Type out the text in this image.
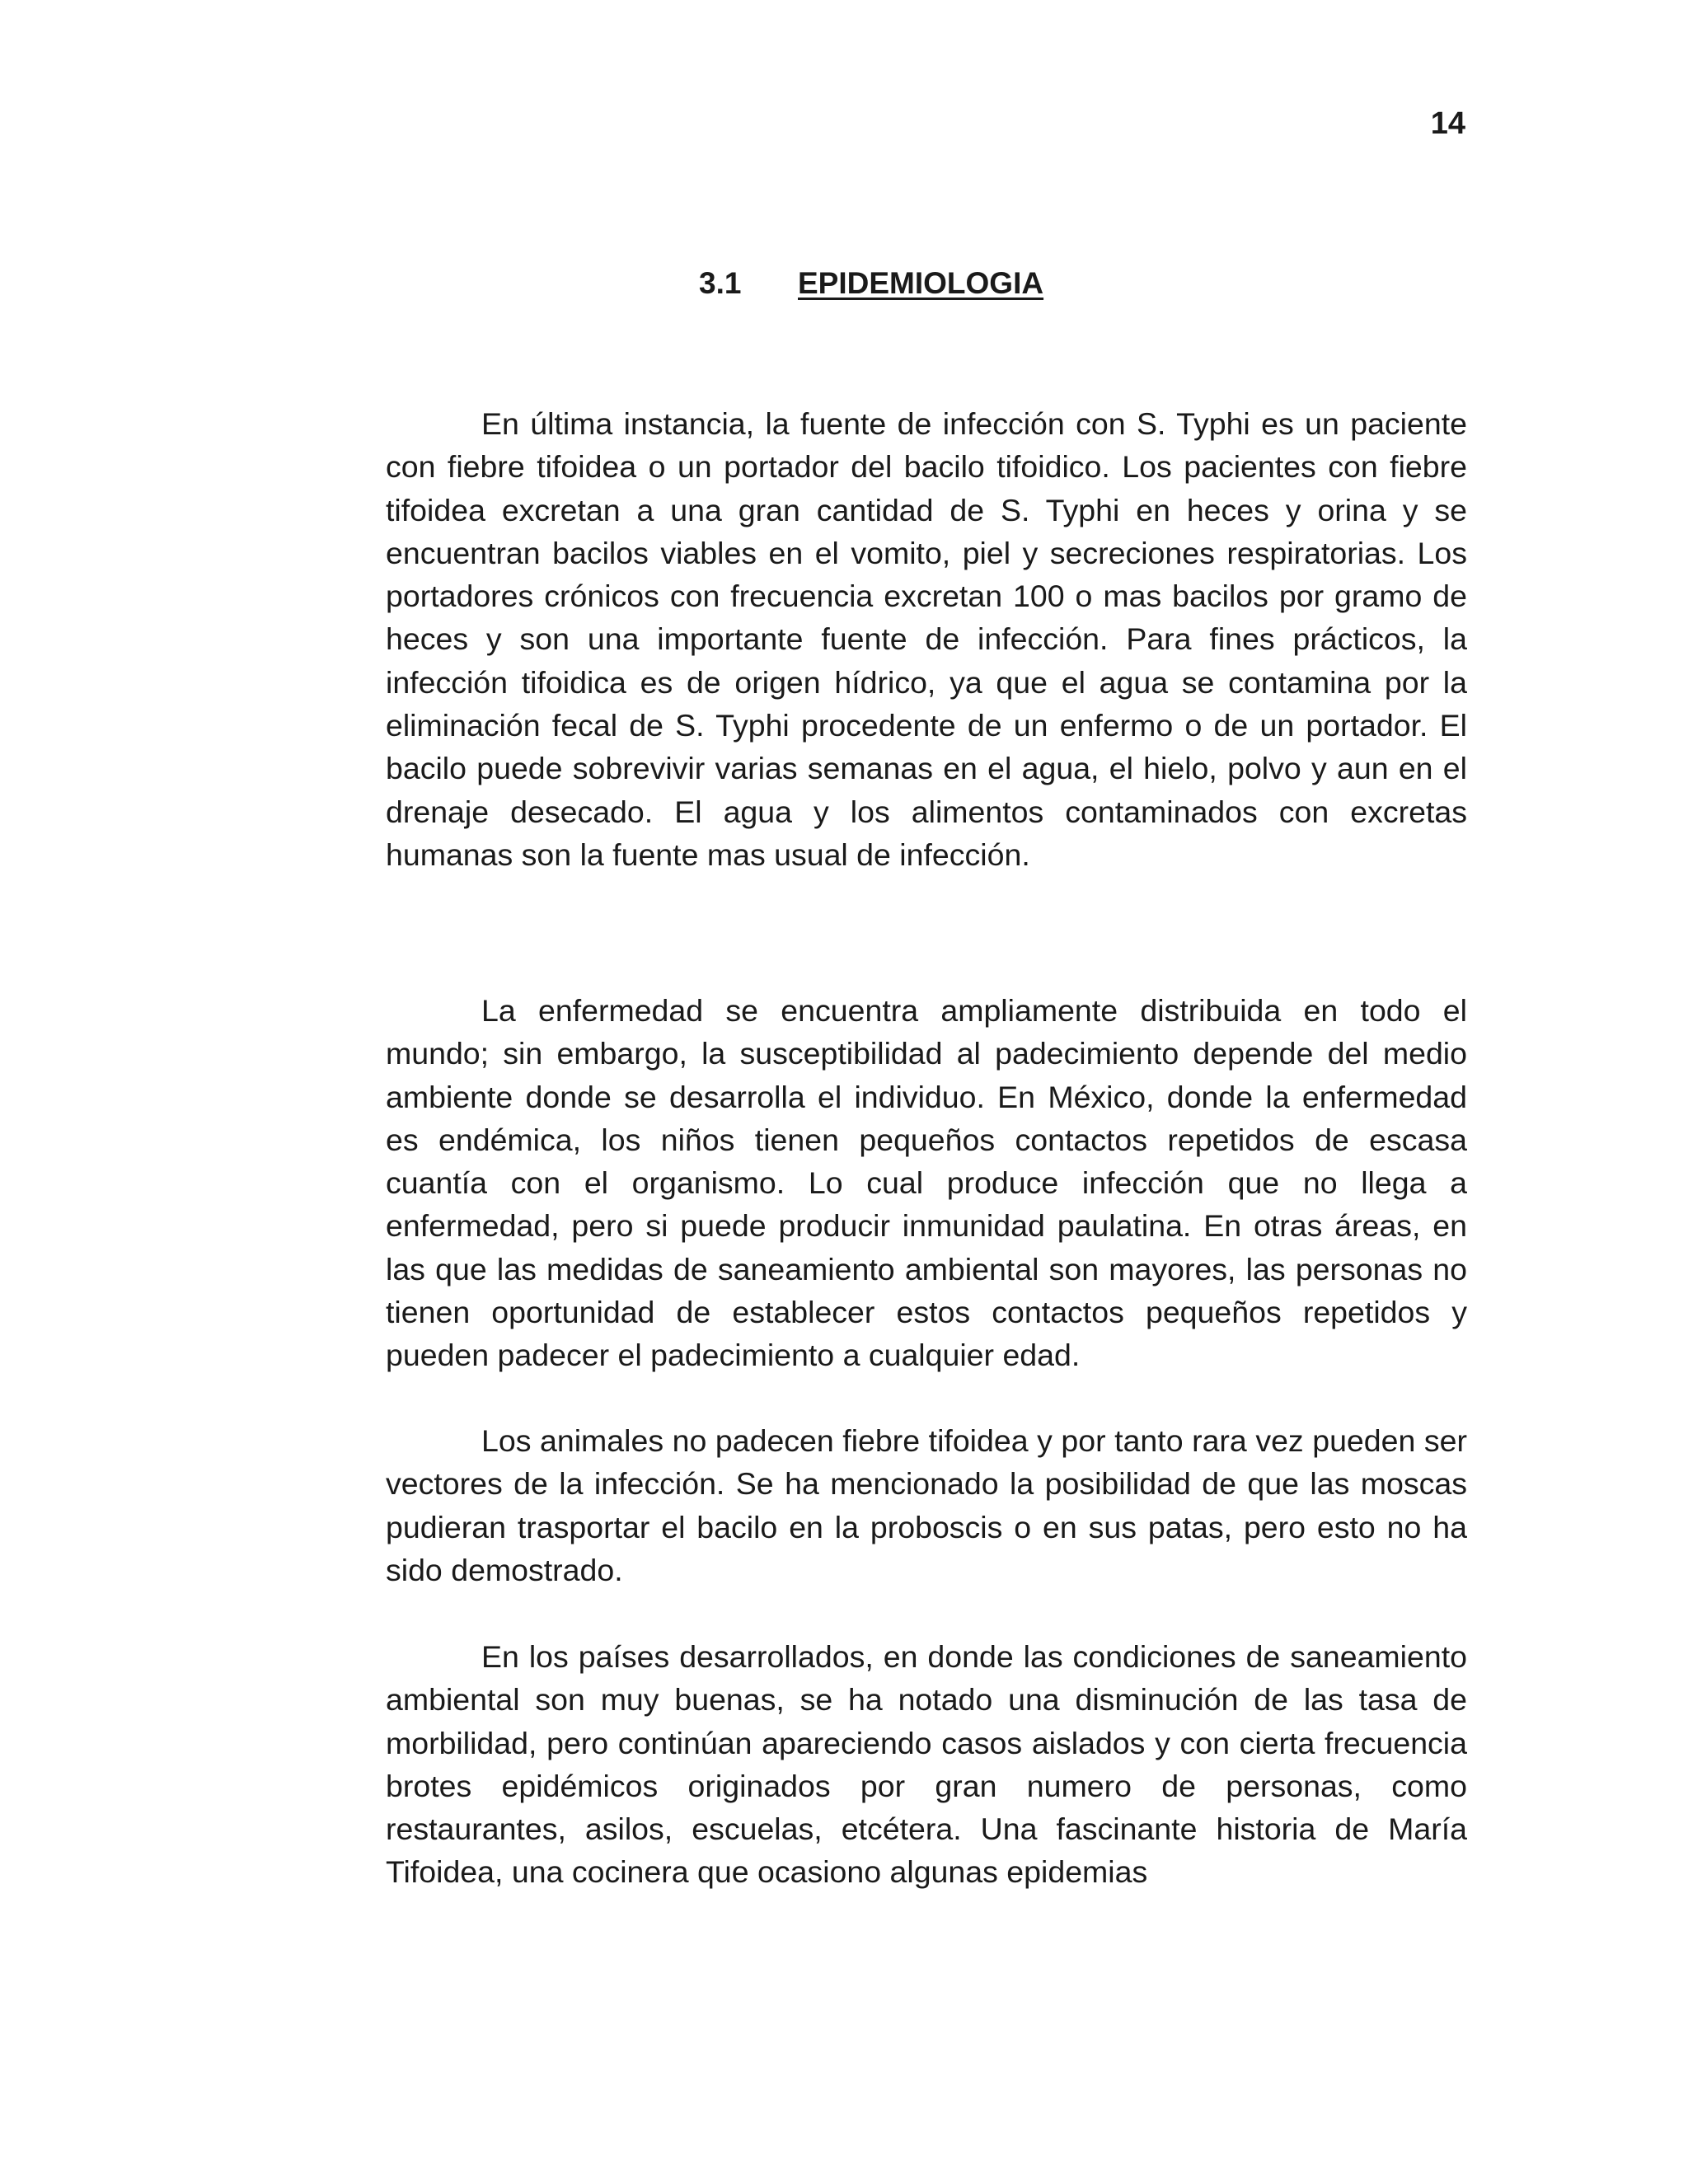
14
3.1 EPIDEMIOLOGIA

En última instancia, la fuente de infección con S. Typhi es un paciente con fiebre tifoidea o un portador del bacilo tifoidico. Los pacientes con fiebre tifoidea excretan a una gran cantidad de S. Typhi en heces y orina y se encuentran bacilos viables en el vomito, piel y secreciones respiratorias. Los portadores crónicos con frecuencia excretan 100 o mas bacilos por gramo de heces y son una importante fuente de infección. Para fines prácticos, la infección tifoidica es de origen hídrico, ya que el agua se contamina por la eliminación fecal de S. Typhi procedente de un enfermo o de un portador. El bacilo puede sobrevivir varias semanas en el agua, el hielo, polvo y aun en el drenaje desecado. El agua y los alimentos contaminados con excretas humanas son la fuente mas usual de infección.

La enfermedad se encuentra ampliamente distribuida en todo el mundo; sin embargo, la susceptibilidad al padecimiento depende del medio ambiente donde se desarrolla el individuo. En México, donde la enfermedad es endémica, los niños tienen pequeños contactos repetidos de escasa cuantía con el organismo. Lo cual produce infección que no llega a enfermedad, pero si puede producir inmunidad paulatina. En otras áreas, en las que las medidas de saneamiento ambiental son mayores, las personas no tienen oportunidad de establecer estos contactos pequeños repetidos y pueden padecer el padecimiento a cualquier edad.

Los animales no padecen fiebre tifoidea y por tanto rara vez pueden ser vectores de la infección. Se ha mencionado la posibilidad de que las moscas pudieran trasportar el bacilo en la proboscis o en sus patas, pero esto no ha sido demostrado.

En los países desarrollados, en donde las condiciones de saneamiento ambiental son muy buenas, se ha notado una disminución de las tasa de morbilidad, pero continúan apareciendo casos aislados y con cierta frecuencia brotes epidémicos originados por gran numero de personas, como restaurantes, asilos, escuelas, etcétera. Una fascinante historia de María Tifoidea, una cocinera que ocasiono algunas epidemias
